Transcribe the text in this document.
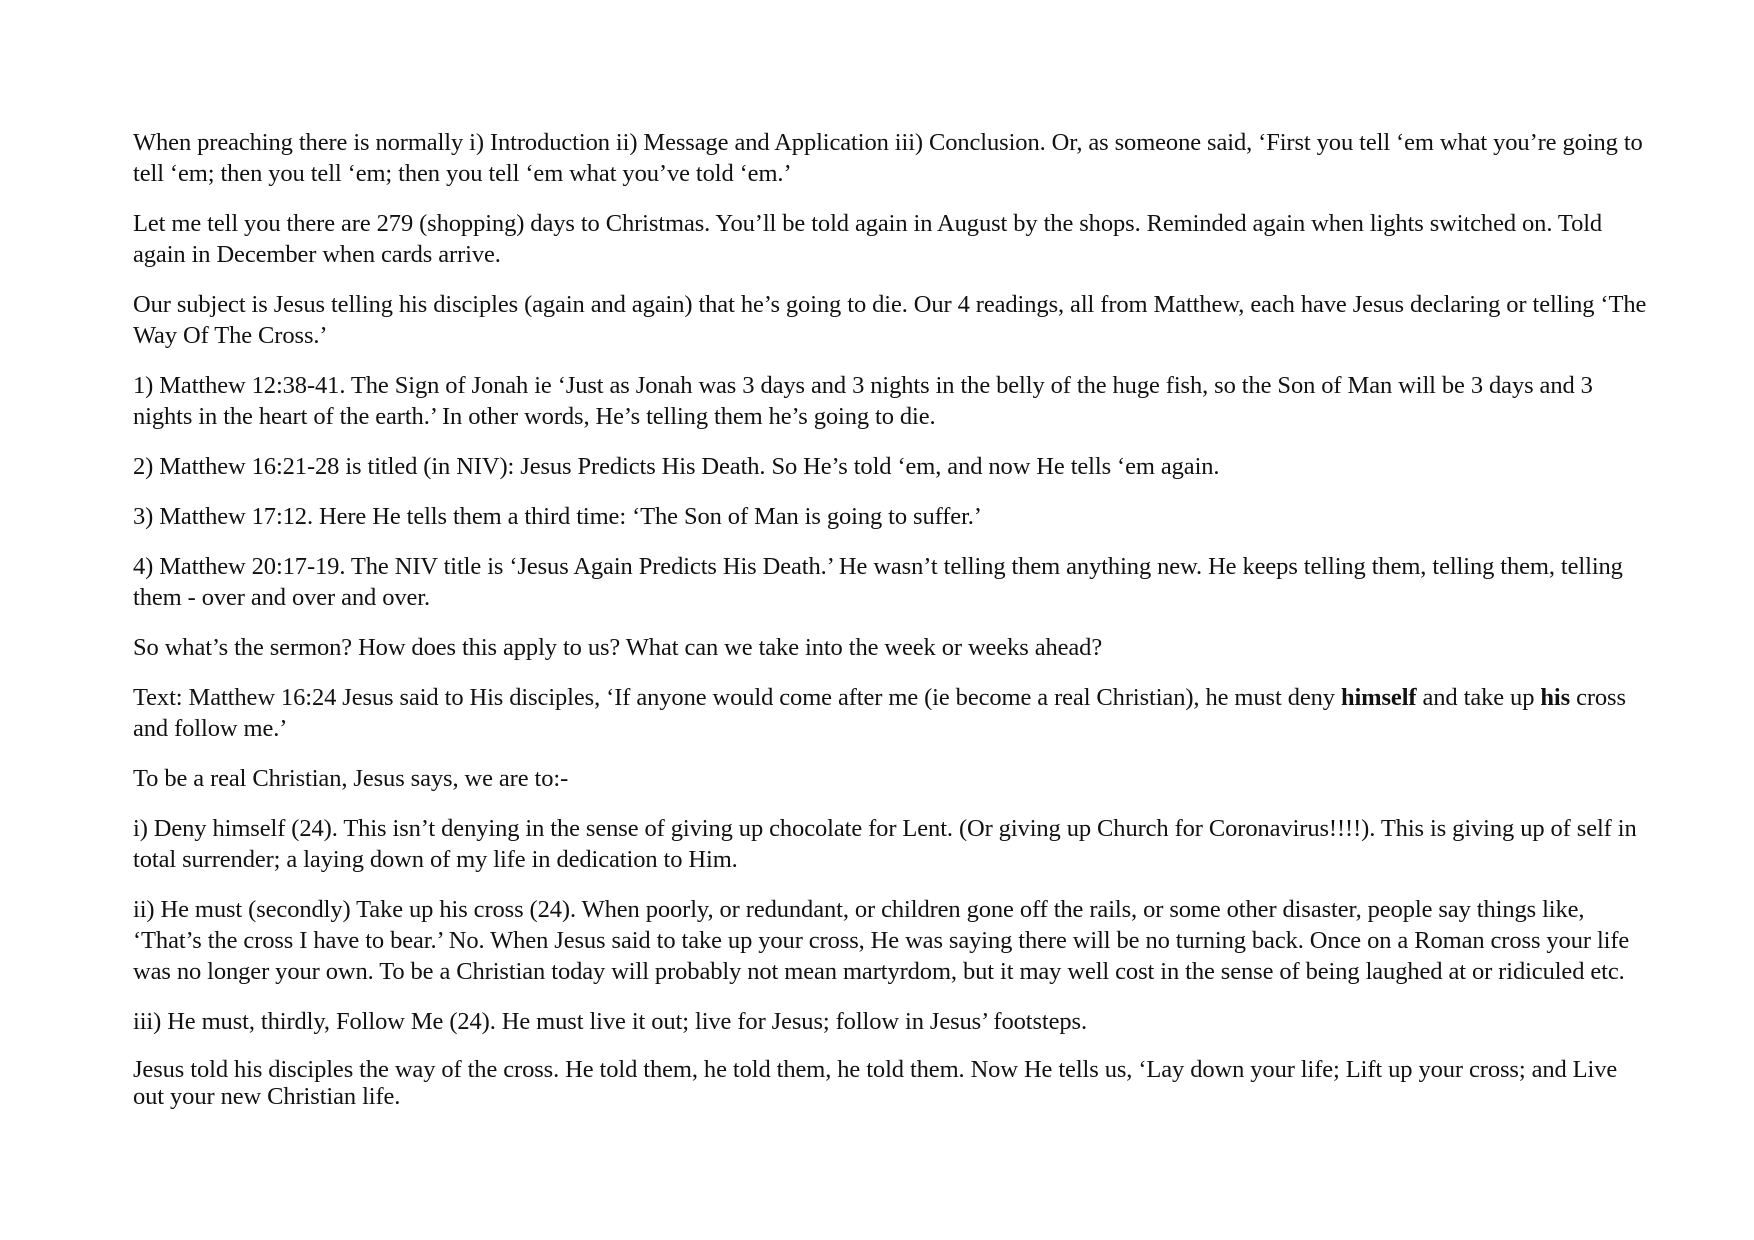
When preaching there is normally i) Introduction ii) Message and Application iii) Conclusion. Or, as someone said, ‘First you tell ‘em what you’re going to tell ‘em; then you tell ‘em; then you tell ‘em what you’ve told ‘em.’

Let me tell you there are 279 (shopping) days to Christmas. You’ll be told again in August by the shops. Reminded again when lights switched on. Told again in December when cards arrive.

Our subject is Jesus telling his disciples (again and again) that he’s going to die. Our 4 readings, all from Matthew, each have Jesus declaring or telling ‘The Way Of The Cross.’

1) Matthew 12:38-41. The Sign of Jonah ie ‘Just as Jonah was 3 days and 3 nights in the belly of the huge fish, so the Son of Man will be 3 days and 3 nights in the heart of the earth.’ In other words, He’s telling them he’s going to die.

2) Matthew 16:21-28 is titled (in NIV): Jesus Predicts His Death. So He’s told ‘em, and now He tells ‘em again.

3) Matthew 17:12. Here He tells them a third time: ‘The Son of Man is going to suffer.’

4) Matthew 20:17-19. The NIV title is ‘Jesus Again Predicts His Death.’ He wasn’t telling them anything new. He keeps telling them, telling them, telling them - over and over and over.

So what’s the sermon? How does this apply to us? What can we take into the week or weeks ahead?

Text: Matthew 16:24 Jesus said to His disciples, ‘If anyone would come after me (ie become a real Christian), he must deny himself and take up his cross and follow me.’

To be a real Christian, Jesus says, we are to:-

i) Deny himself (24). This isn’t denying in the sense of giving up chocolate for Lent. (Or giving up Church for Coronavirus!!!!). This is giving up of self in total surrender; a laying down of my life in dedication to Him.

ii) He must (secondly) Take up his cross (24). When poorly, or redundant, or children gone off the rails, or some other disaster, people say things like, ‘That’s the cross I have to bear.’ No. When Jesus said to take up your cross, He was saying there will be no turning back. Once on a Roman cross your life was no longer your own. To be a Christian today will probably not mean martyrdom, but it may well cost in the sense of being laughed at or ridiculed etc.

iii) He must, thirdly, Follow Me (24). He must live it out; live for Jesus; follow in Jesus’ footsteps.

Jesus told his disciples the way of the cross. He told them, he told them, he told them. Now He tells us, ‘Lay down your life; Lift up your cross; and Live out your new Christian life.
